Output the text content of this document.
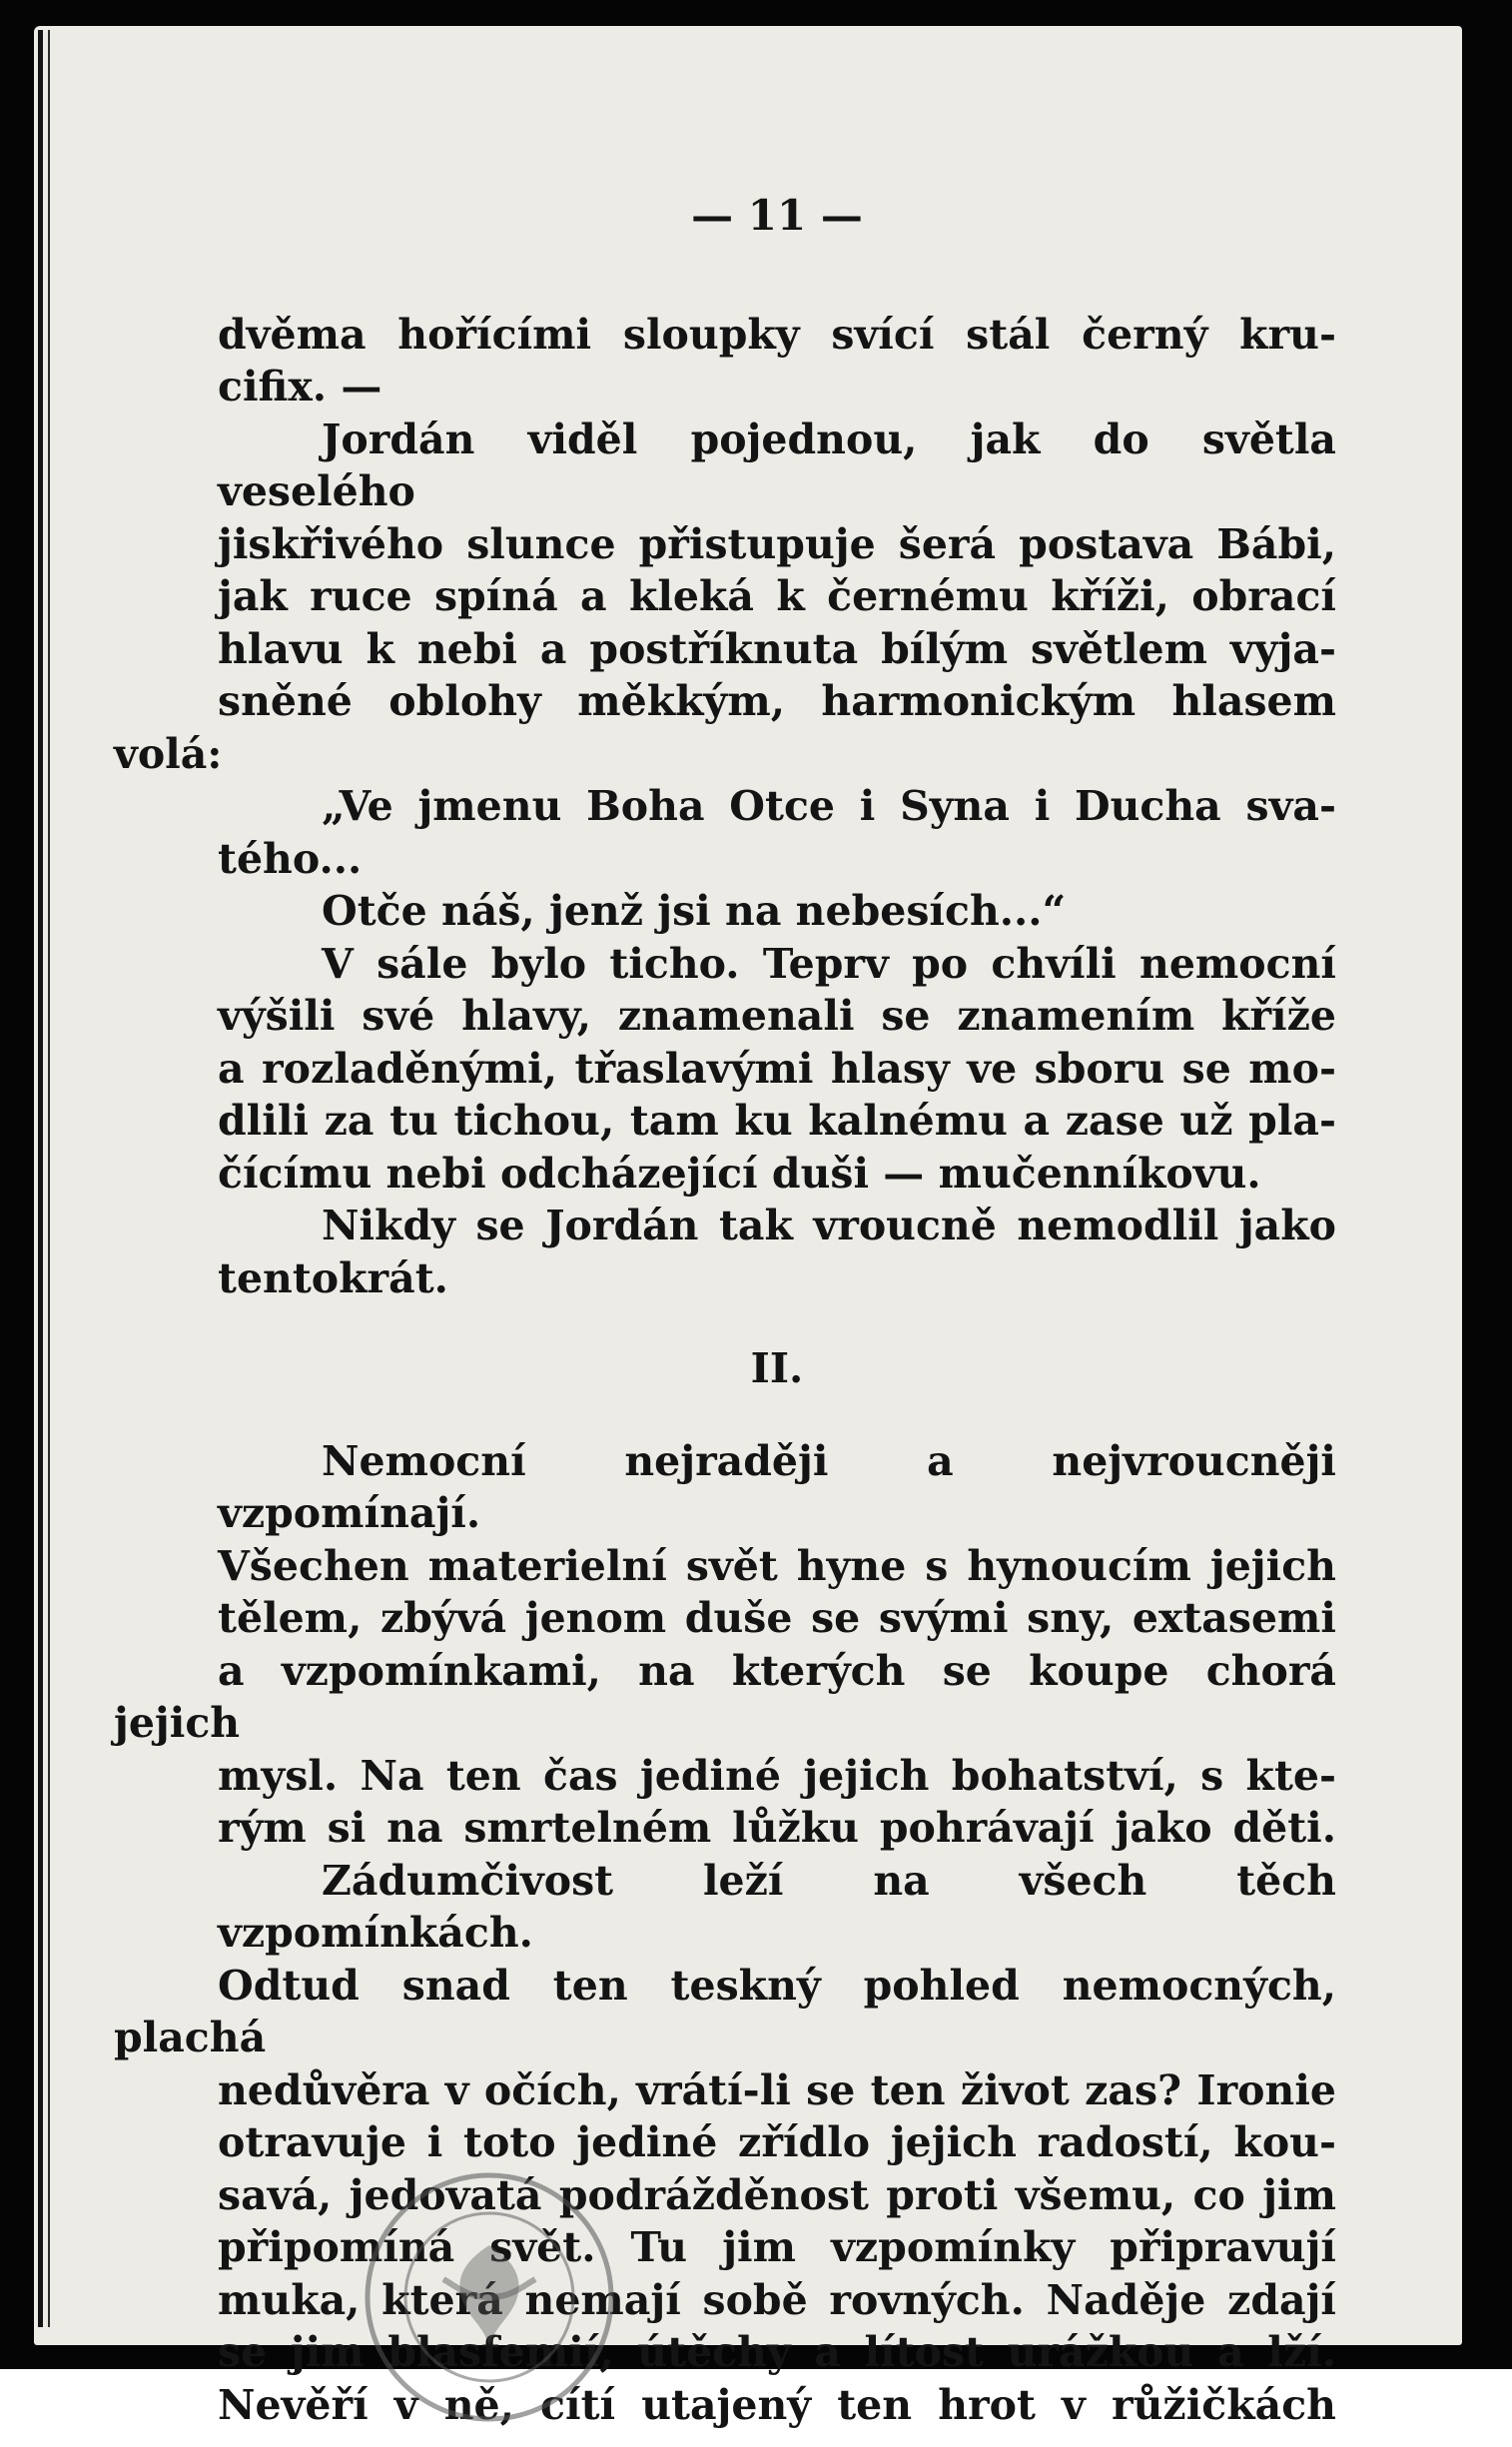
— 11 —

dvěma hořícími sloupky svící stál černý kru-
cifix. —

Jordán viděl pojednou, jak do světla veselého
jiskřivého slunce přistupuje šerá postava Bábi,
jak ruce spíná a kleká k černému kříži, obrací
hlavu k nebi a postříknuta bílým světlem vyja-
sněné oblohy měkkým, harmonickým hlasem volá:

„Ve jmenu Boha Otce i Syna i Ducha sva-
tého...

Otče náš, jenž jsi na nebesích...“

V sále bylo ticho. Teprv po chvíli nemocní
výšili své hlavy, znamenali se znamením kříže
a rozladěnými, třaslavými hlasy ve sboru se mo-
dlili za tu tichou, tam ku kalnému a zase už pla-
čícímu nebi odcházející duši — mučenníkovu.

Nikdy se Jordán tak vroucně nemodlil jako
tentokrát.

II.

Nemocní nejraději a nejvroucněji vzpomínají.
Všechen materielní svět hyne s hynoucím jejich
tělem, zbývá jenom duše se svými sny, extasemi
a vzpomínkami, na kterých se koupe chorá jejich
mysl. Na ten čas jediné jejich bohatství, s kte-
rým si na smrtelném lůžku pohrávají jako děti.

Zádumčivost leží na všech těch vzpomínkách.
Odtud snad ten teskný pohled nemocných, plachá
nedůvěra v očích, vrátí-li se ten život zas? Ironie
otravuje i toto jediné zřídlo jejich radostí, kou-
savá, jedovatá podrážděnost proti všemu, co jim
připomíná svět. Tu jim vzpomínky připravují
muka, která nemají sobě rovných. Naděje zdají
se jim blasfemií, útěchy a lítost urážkou a lží.
Nevěří v ně, cítí utajený ten hrot v růžičkách
